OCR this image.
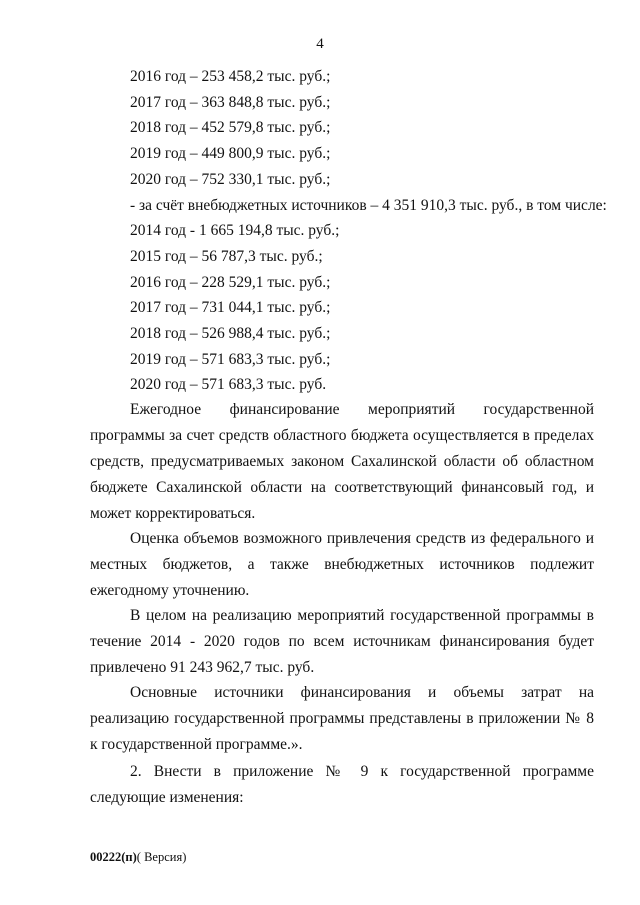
4
2016 год – 253 458,2 тыс. руб.;
2017 год – 363 848,8 тыс. руб.;
2018 год – 452 579,8 тыс. руб.;
2019 год – 449 800,9 тыс. руб.;
2020 год – 752 330,1 тыс. руб.;
- за счёт внебюджетных источников – 4 351 910,3 тыс. руб., в том числе:
2014 год - 1 665 194,8 тыс. руб.;
2015 год – 56 787,3 тыс. руб.;
2016 год – 228 529,1 тыс. руб.;
2017 год – 731 044,1 тыс. руб.;
2018 год – 526 988,4 тыс. руб.;
2019 год – 571 683,3 тыс. руб.;
2020 год – 571 683,3 тыс. руб.

Ежегодное финансирование мероприятий государственной программы за счет средств областного бюджета осуществляется в пределах средств, предусматриваемых законом Сахалинской области об областном бюджете Сахалинской области на соответствующий финансовый год, и может корректироваться.

Оценка объемов возможного привлечения средств из федерального и местных бюджетов, а также внебюджетных источников подлежит ежегодному уточнению.

В целом на реализацию мероприятий государственной программы в течение 2014 - 2020 годов по всем источникам финансирования будет привлечено 91 243 962,7 тыс. руб.

Основные источники финансирования и объемы затрат на реализацию государственной программы представлены в приложении № 8 к государственной программе.».

2. Внести в приложение № 9 к государственной программе следующие изменения:

00222(п)( Версия)
